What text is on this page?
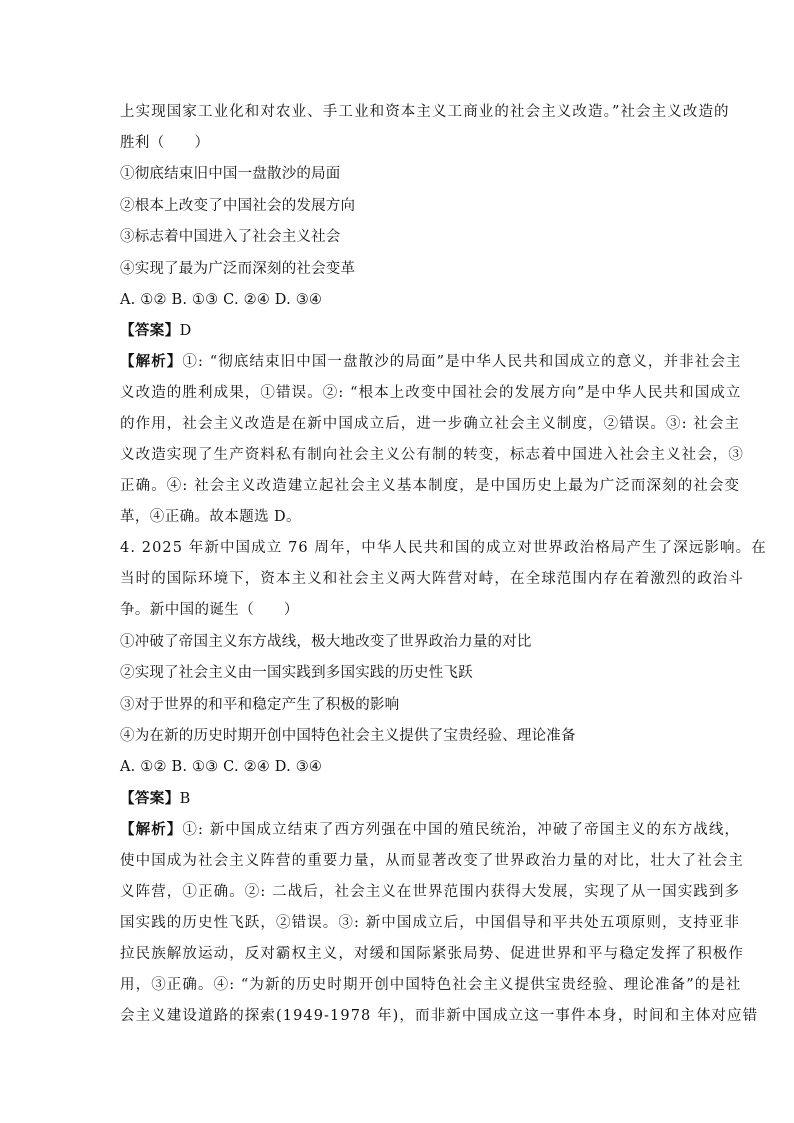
上实现国家工业化和对农业、手工业和资本主义工商业的社会主义改造。”社会主义改造的
胜利（　　）
①彻底结束旧中国一盘散沙的局面
②根本上改变了中国社会的发展方向
③标志着中国进入了社会主义社会
④实现了最为广泛而深刻的社会变革
A. ①② B. ①③ C. ②④ D. ③④
【答案】D
【解析】①: “彻底结束旧中国一盘散沙的局面”是中华人民共和国成立的意义，并非社会主
义改造的胜利成果，①错误。②: “根本上改变中国社会的发展方向”是中华人民共和国成立
的作用，社会主义改造是在新中国成立后，进一步确立社会主义制度，②错误。③: 社会主
义改造实现了生产资料私有制向社会主义公有制的转变，标志着中国进入社会主义社会，③
正确。④: 社会主义改造建立起社会主义基本制度，是中国历史上最为广泛而深刻的社会变
革，④正确。故本题选 D。
4. 2025 年新中国成立 76 周年，中华人民共和国的成立对世界政治格局产生了深远影响。在
当时的国际环境下，资本主义和社会主义两大阵营对峙，在全球范围内存在着激烈的政治斗
争。新中国的诞生（　　）
①冲破了帝国主义东方战线，极大地改变了世界政治力量的对比
②实现了社会主义由一国实践到多国实践的历史性飞跃
③对于世界的和平和稳定产生了积极的影响
④为在新的历史时期开创中国特色社会主义提供了宝贵经验、理论准备
A. ①② B. ①③ C. ②④ D. ③④
【答案】B
【解析】①: 新中国成立结束了西方列强在中国的殖民统治，冲破了帝国主义的东方战线，
使中国成为社会主义阵营的重要力量，从而显著改变了世界政治力量的对比，壮大了社会主
义阵营，①正确。②: 二战后，社会主义在世界范围内获得大发展，实现了从一国实践到多
国实践的历史性飞跃，②错误。③: 新中国成立后，中国倡导和平共处五项原则，支持亚非
拉民族解放运动，反对霸权主义，对缓和国际紧张局势、促进世界和平与稳定发挥了积极作
用，③正确。④: “为新的历史时期开创中国特色社会主义提供宝贵经验、理论准备”的是社
会主义建设道路的探索(1949-1978 年)，而非新中国成立这一事件本身，时间和主体对应错
